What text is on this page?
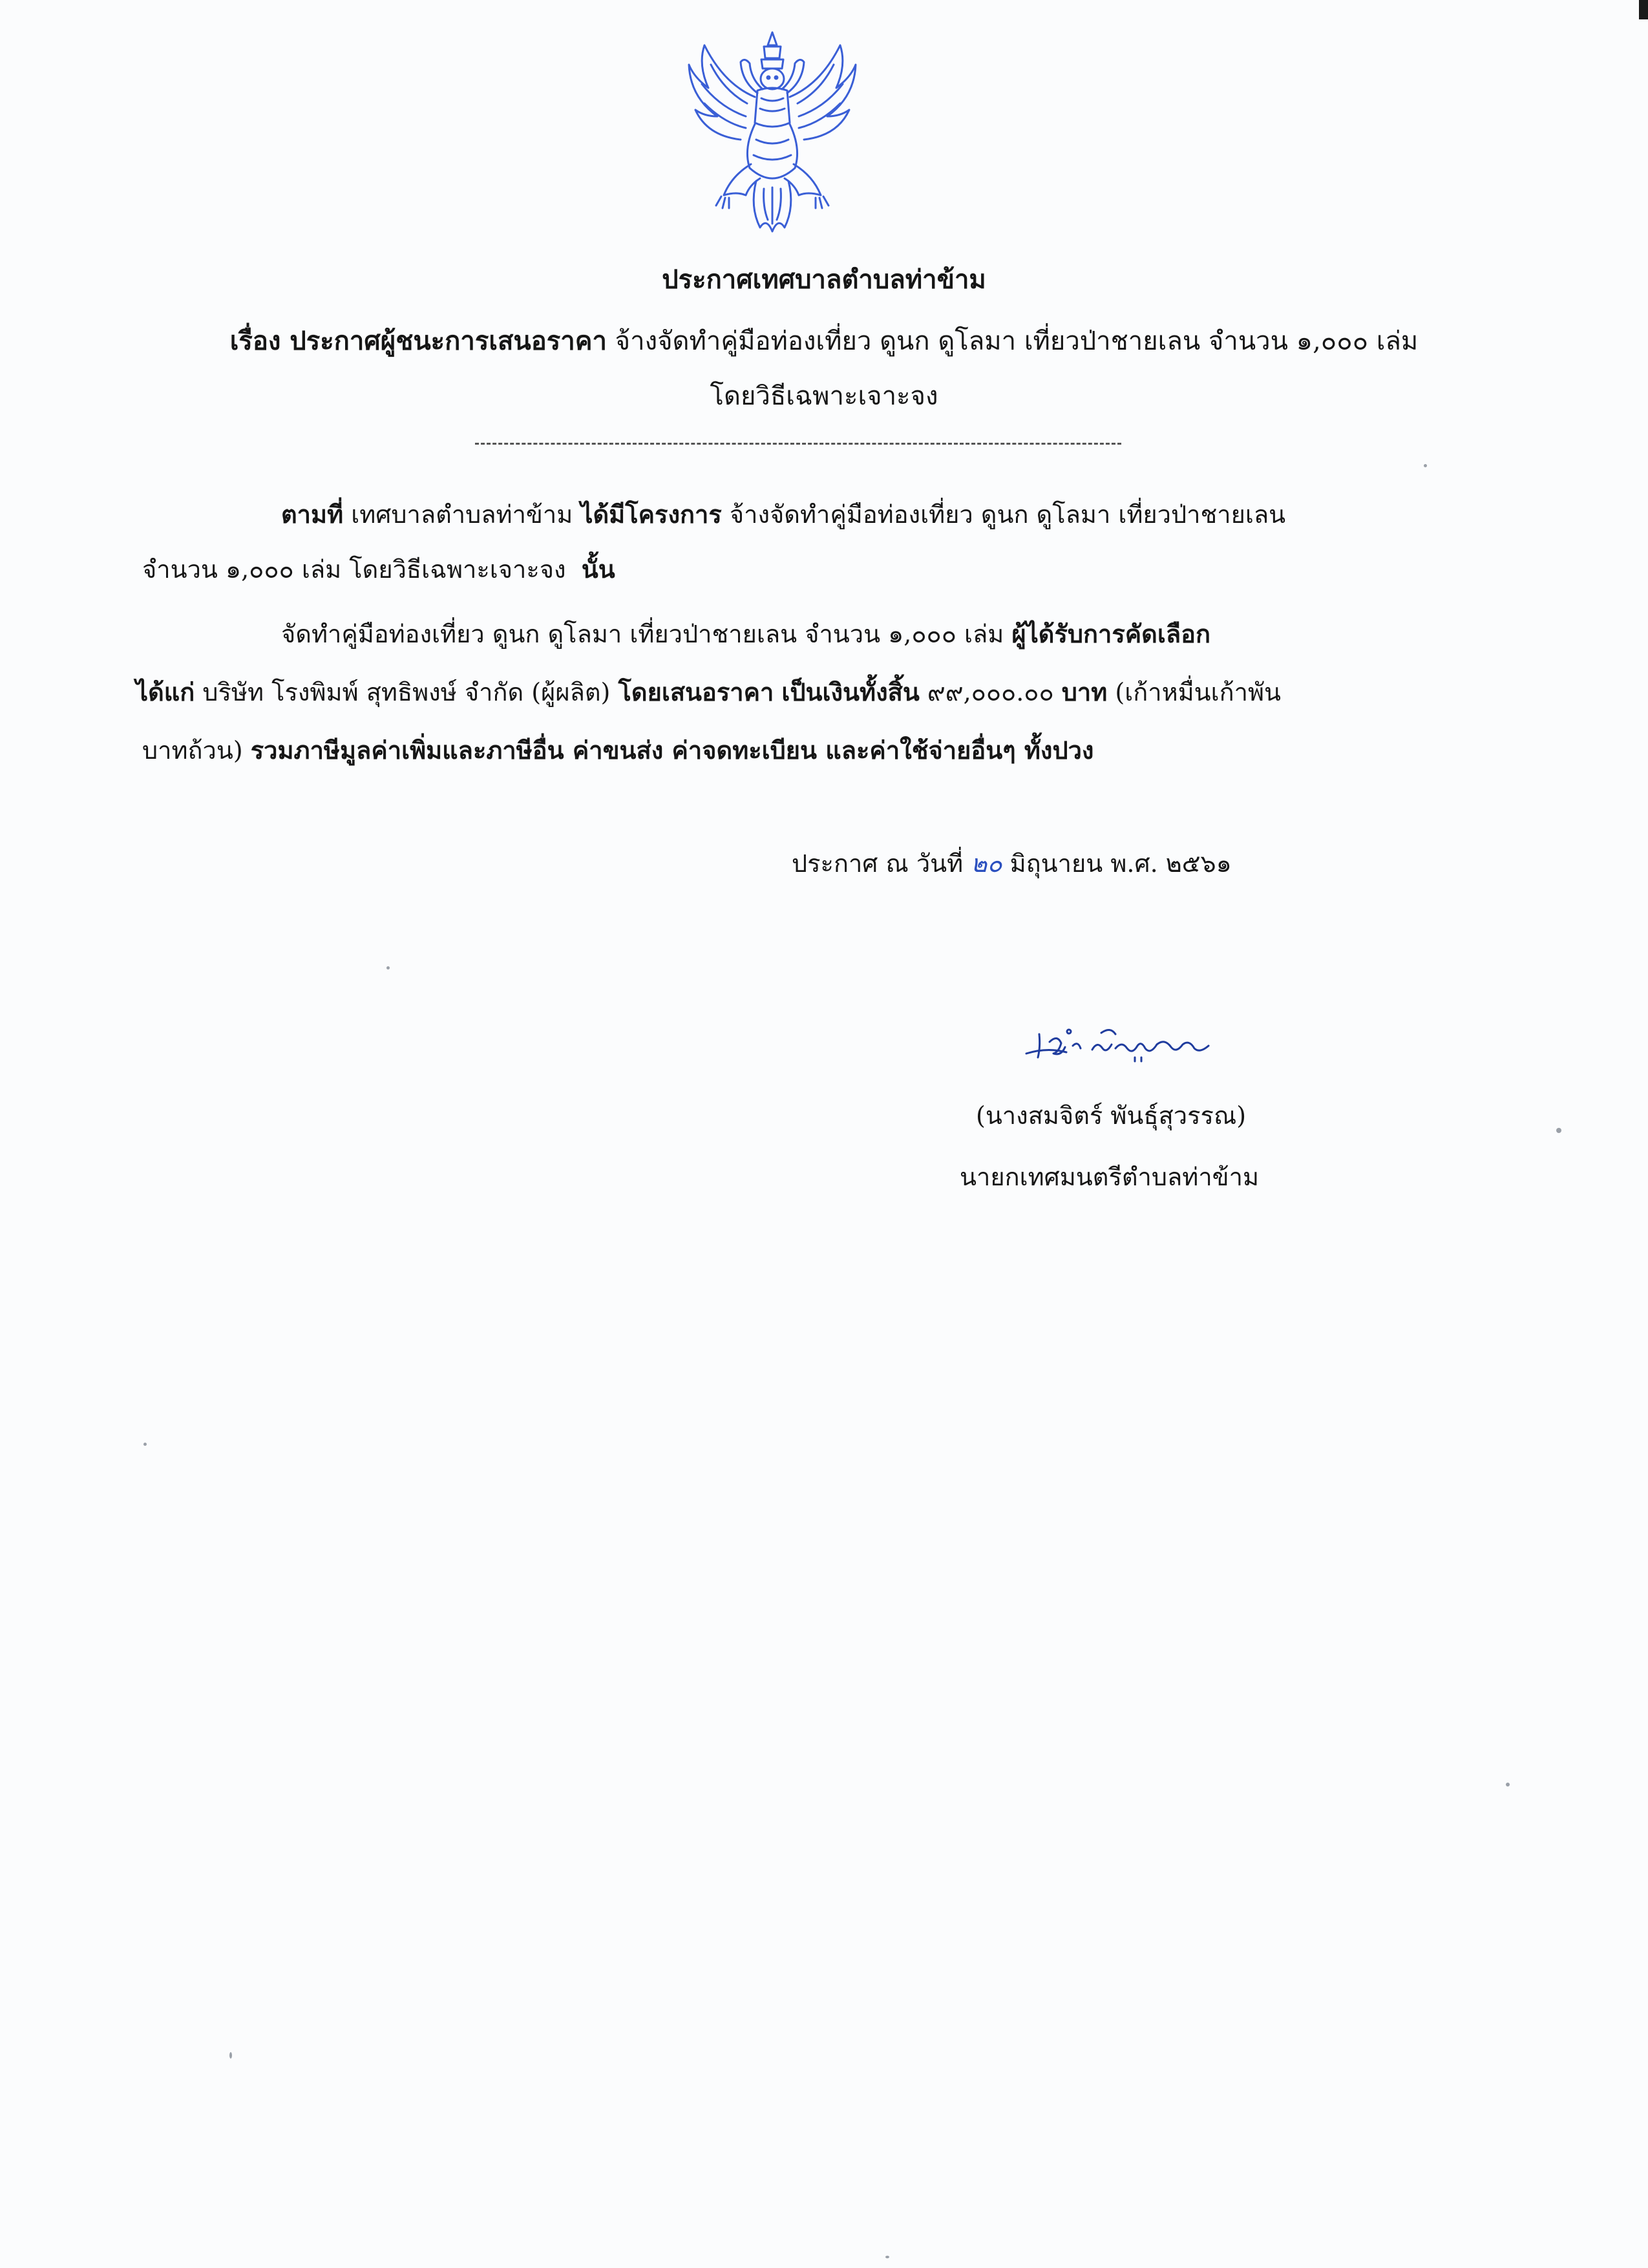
ประกาศเทศบาลตำบลท่าข้าม
เรื่อง ประกาศผู้ชนะการเสนอราคา จ้างจัดทำคู่มือท่องเที่ยว ดูนก ดูโลมา เที่ยวป่าชายเลน จำนวน ๑,๐๐๐ เล่ม
โดยวิธีเฉพาะเจาะจง
ตามที่ เทศบาลตำบลท่าข้าม ได้มีโครงการ จ้างจัดทำคู่มือท่องเที่ยว ดูนก ดูโลมา เที่ยวป่าชายเลน
จำนวน ๑,๐๐๐ เล่ม โดยวิธีเฉพาะเจาะจง นั้น
จัดทำคู่มือท่องเที่ยว ดูนก ดูโลมา เที่ยวป่าชายเลน จำนวน ๑,๐๐๐ เล่ม ผู้ได้รับการคัดเลือก
ได้แก่ บริษัท โรงพิมพ์ สุทธิพงษ์ จำกัด (ผู้ผลิต) โดยเสนอราคา เป็นเงินทั้งสิ้น ๙๙,๐๐๐.๐๐ บาท (เก้าหมื่นเก้าพัน
บาทถ้วน) รวมภาษีมูลค่าเพิ่มและภาษีอื่น ค่าขนส่ง ค่าจดทะเบียน และค่าใช้จ่ายอื่นๆ ทั้งปวง
ประกาศ ณ วันที่ ๒๐ มิถุนายน พ.ศ. ๒๕๖๑
(นางสมจิตร์ พันธุ์สุวรรณ)
นายกเทศมนตรีตำบลท่าข้าม
